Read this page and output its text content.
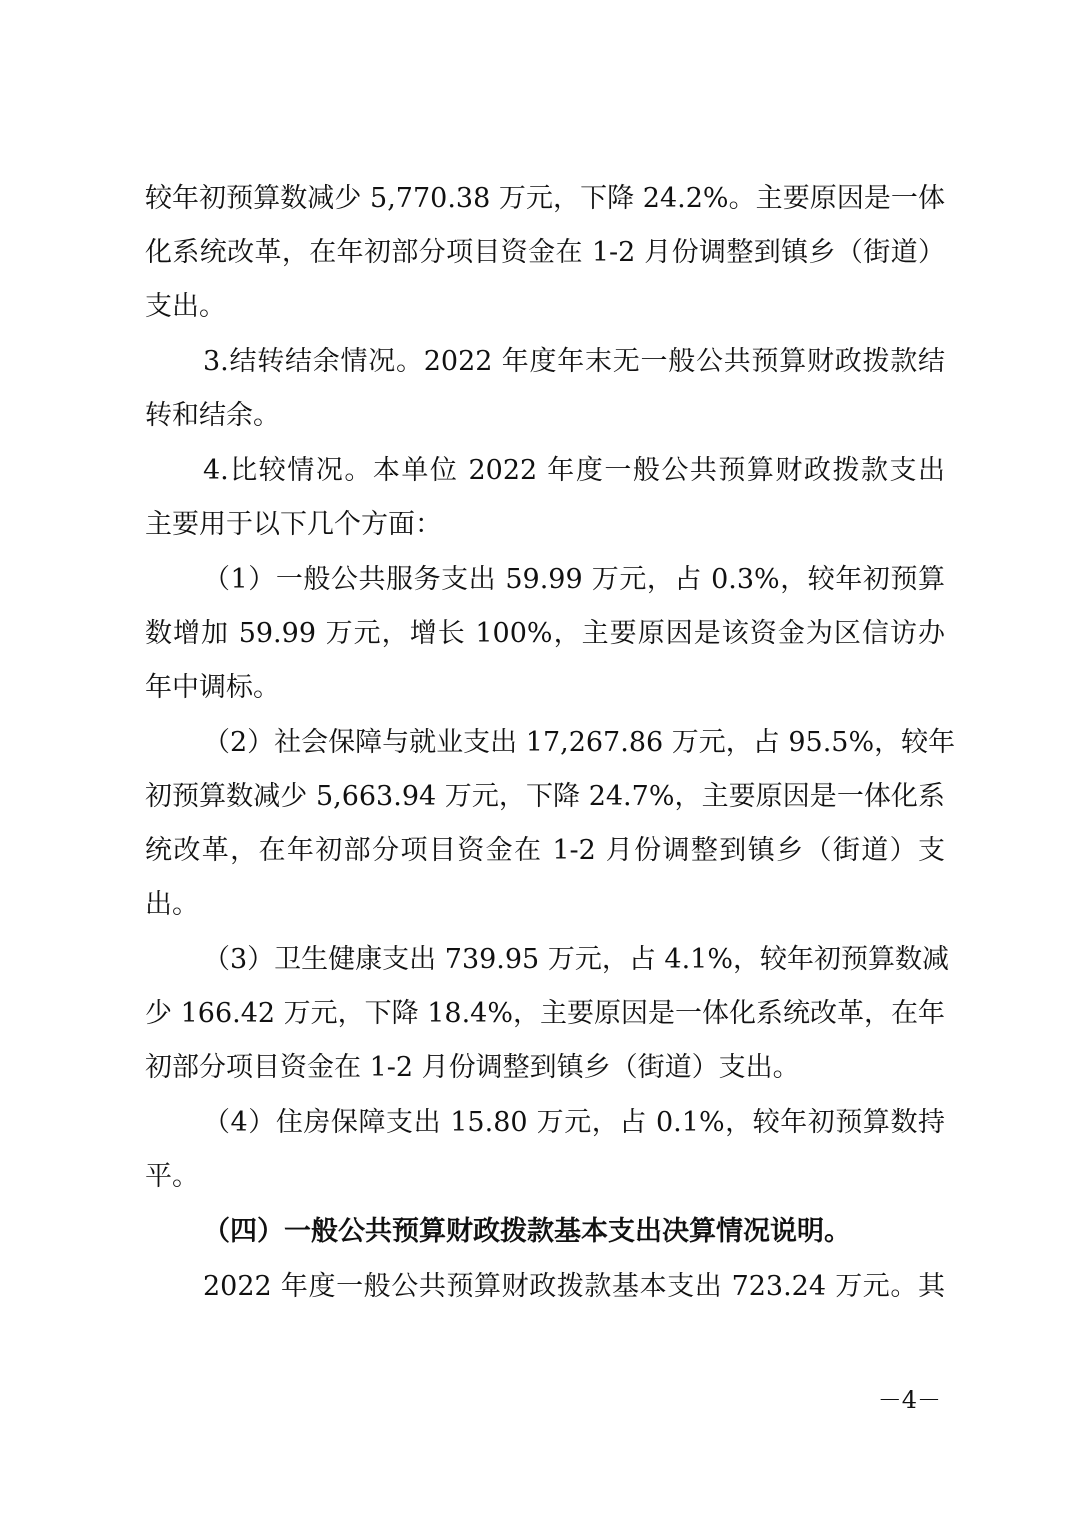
较年初预算数减少 5,770.38 万元，下降 24.2%。主要原因是一体
化系统改革，在年初部分项目资金在 1-2 月份调整到镇乡（街道）
支出。
3.结转结余情况。2022 年度年末无一般公共预算财政拨款结
转和结余。
4.比较情况。本单位 2022 年度一般公共预算财政拨款支出
主要用于以下几个方面：
（1）一般公共服务支出 59.99 万元，占 0.3%，较年初预算
数增加 59.99 万元，增长 100%，主要原因是该资金为区信访办
年中调标。
（2）社会保障与就业支出 17,267.86 万元，占 95.5%，较年
初预算数减少 5,663.94 万元，下降 24.7%，主要原因是一体化系
统改革，在年初部分项目资金在 1-2 月份调整到镇乡（街道）支
出。
（3）卫生健康支出 739.95 万元，占 4.1%，较年初预算数减
少 166.42 万元，下降 18.4%，主要原因是一体化系统改革，在年
初部分项目资金在 1-2 月份调整到镇乡（街道）支出。
（4）住房保障支出 15.80 万元，占 0.1%，较年初预算数持
平。
（四）一般公共预算财政拨款基本支出决算情况说明。
2022 年度一般公共预算财政拨款基本支出 723.24 万元。其
－4－
